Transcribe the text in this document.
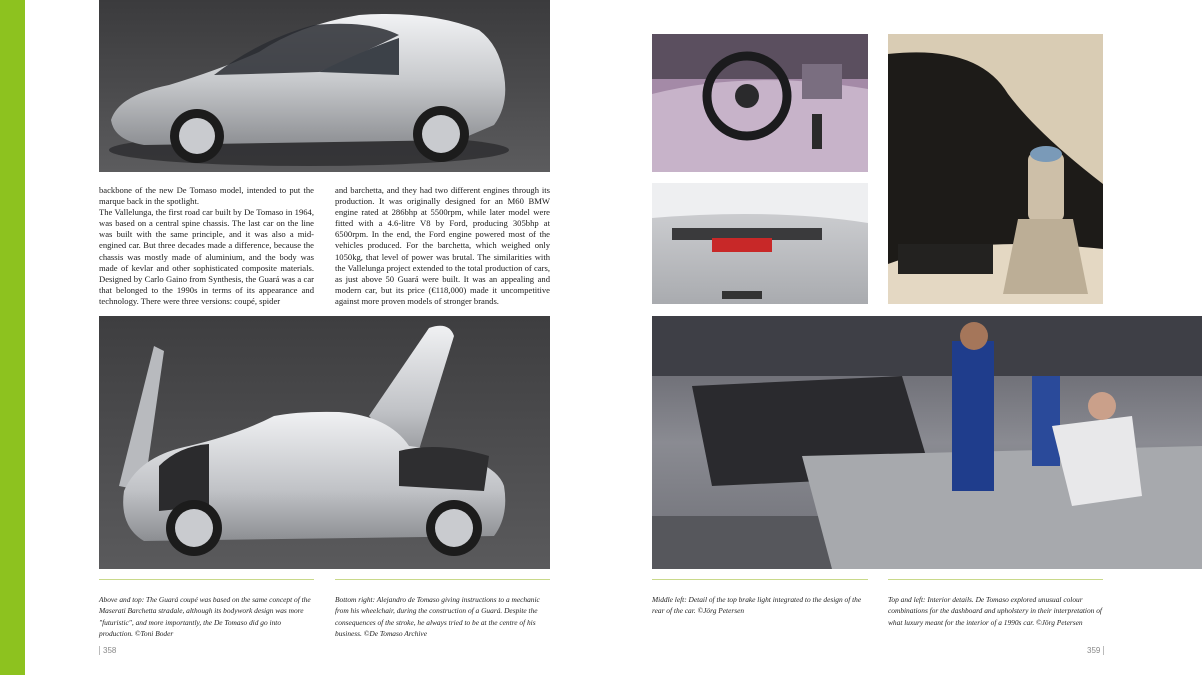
backbone of the new De Tomaso model, intended to put the marque back in the spotlight.

The Vallelunga, the first road car built by De Tomaso in 1964, was based on a central spine chassis. The last car on the line was built with the same principle, and it was also a mid-engined car. But three decades made a difference, because the chassis was mostly made of aluminium, and the body was made of kevlar and other sophisticated composite materials. Designed by Carlo Gaino from Synthesis, the Guará was a car that belonged to the 1990s in terms of its appearance and technology. There were three versions: coupé, spider

and barchetta, and they had two different engines through its production. It was originally designed for an M60 BMW engine rated at 286bhp at 5500rpm, while later model were fitted with a 4.6-litre V8 by Ford, producing 305bhp at 6500rpm. In the end, the Ford engine powered most of the vehicles produced. For the barchetta, which weighed only 1050kg, that level of power was brutal. The similarities with the Vallelunga project extended to the total production of cars, as just above 50 Guará were built. It was an appealing and modern car, but its price (€118,000) made it uncompetitive against more proven models of stronger brands.

Above and top: The Guará coupé was based on the same concept of the Maserati Barchetta stradale, although its bodywork design was more "futuristic", and more importantly, the De Tomaso did go into production. ©Toni Boder
Bottom right: Alejandro de Tomaso giving instructions to a mechanic from his wheelchair, during the construction of a Guará. Despite the consequences of the stroke, he always tried to be at the centre of his business. ©De Tomaso Archive
Middle left: Detail of the top brake light integrated to the design of the rear of the car. ©Jörg Petersen
Top and left: Interior details. De Tomaso explored unusual colour combinations for the dashboard and upholstery in their interpretation of what luxury meant for the interior of a 1990s car. ©Jörg Petersen
358	359
